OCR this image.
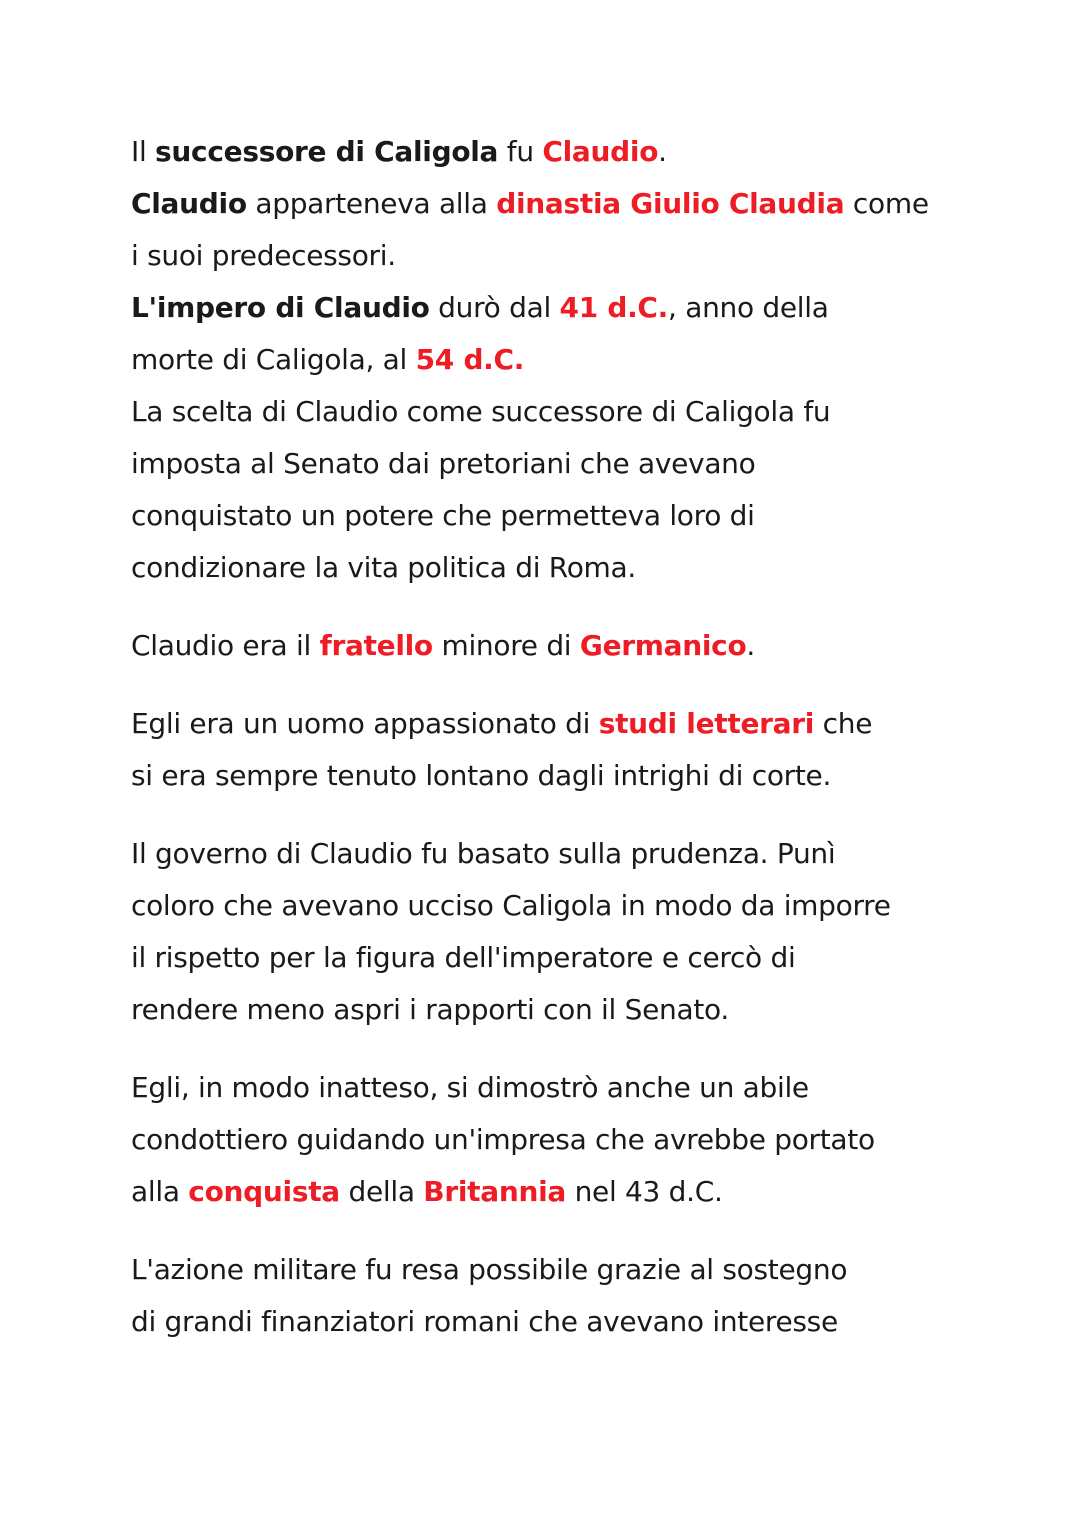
Il successore di Caligola fu Claudio.
Claudio apparteneva alla dinastia Giulio Claudia come
i suoi predecessori.
L'impero di Claudio durò dal 41 d.C., anno della
morte di Caligola, al 54 d.C.
La scelta di Claudio come successore di Caligola fu
imposta al Senato dai pretoriani che avevano
conquistato un potere che permetteva loro di
condizionare la vita politica di Roma.
Claudio era il fratello minore di Germanico.
Egli era un uomo appassionato di studi letterari che
si era sempre tenuto lontano dagli intrighi di corte.
Il governo di Claudio fu basato sulla prudenza. Punì
coloro che avevano ucciso Caligola in modo da imporre
il rispetto per la figura dell'imperatore e cercò di
rendere meno aspri i rapporti con il Senato.
Egli, in modo inatteso, si dimostrò anche un abile
condottiero guidando un'impresa che avrebbe portato
alla conquista della Britannia nel 43 d.C.
L'azione militare fu resa possibile grazie al sostegno
di grandi finanziatori romani che avevano interesse
